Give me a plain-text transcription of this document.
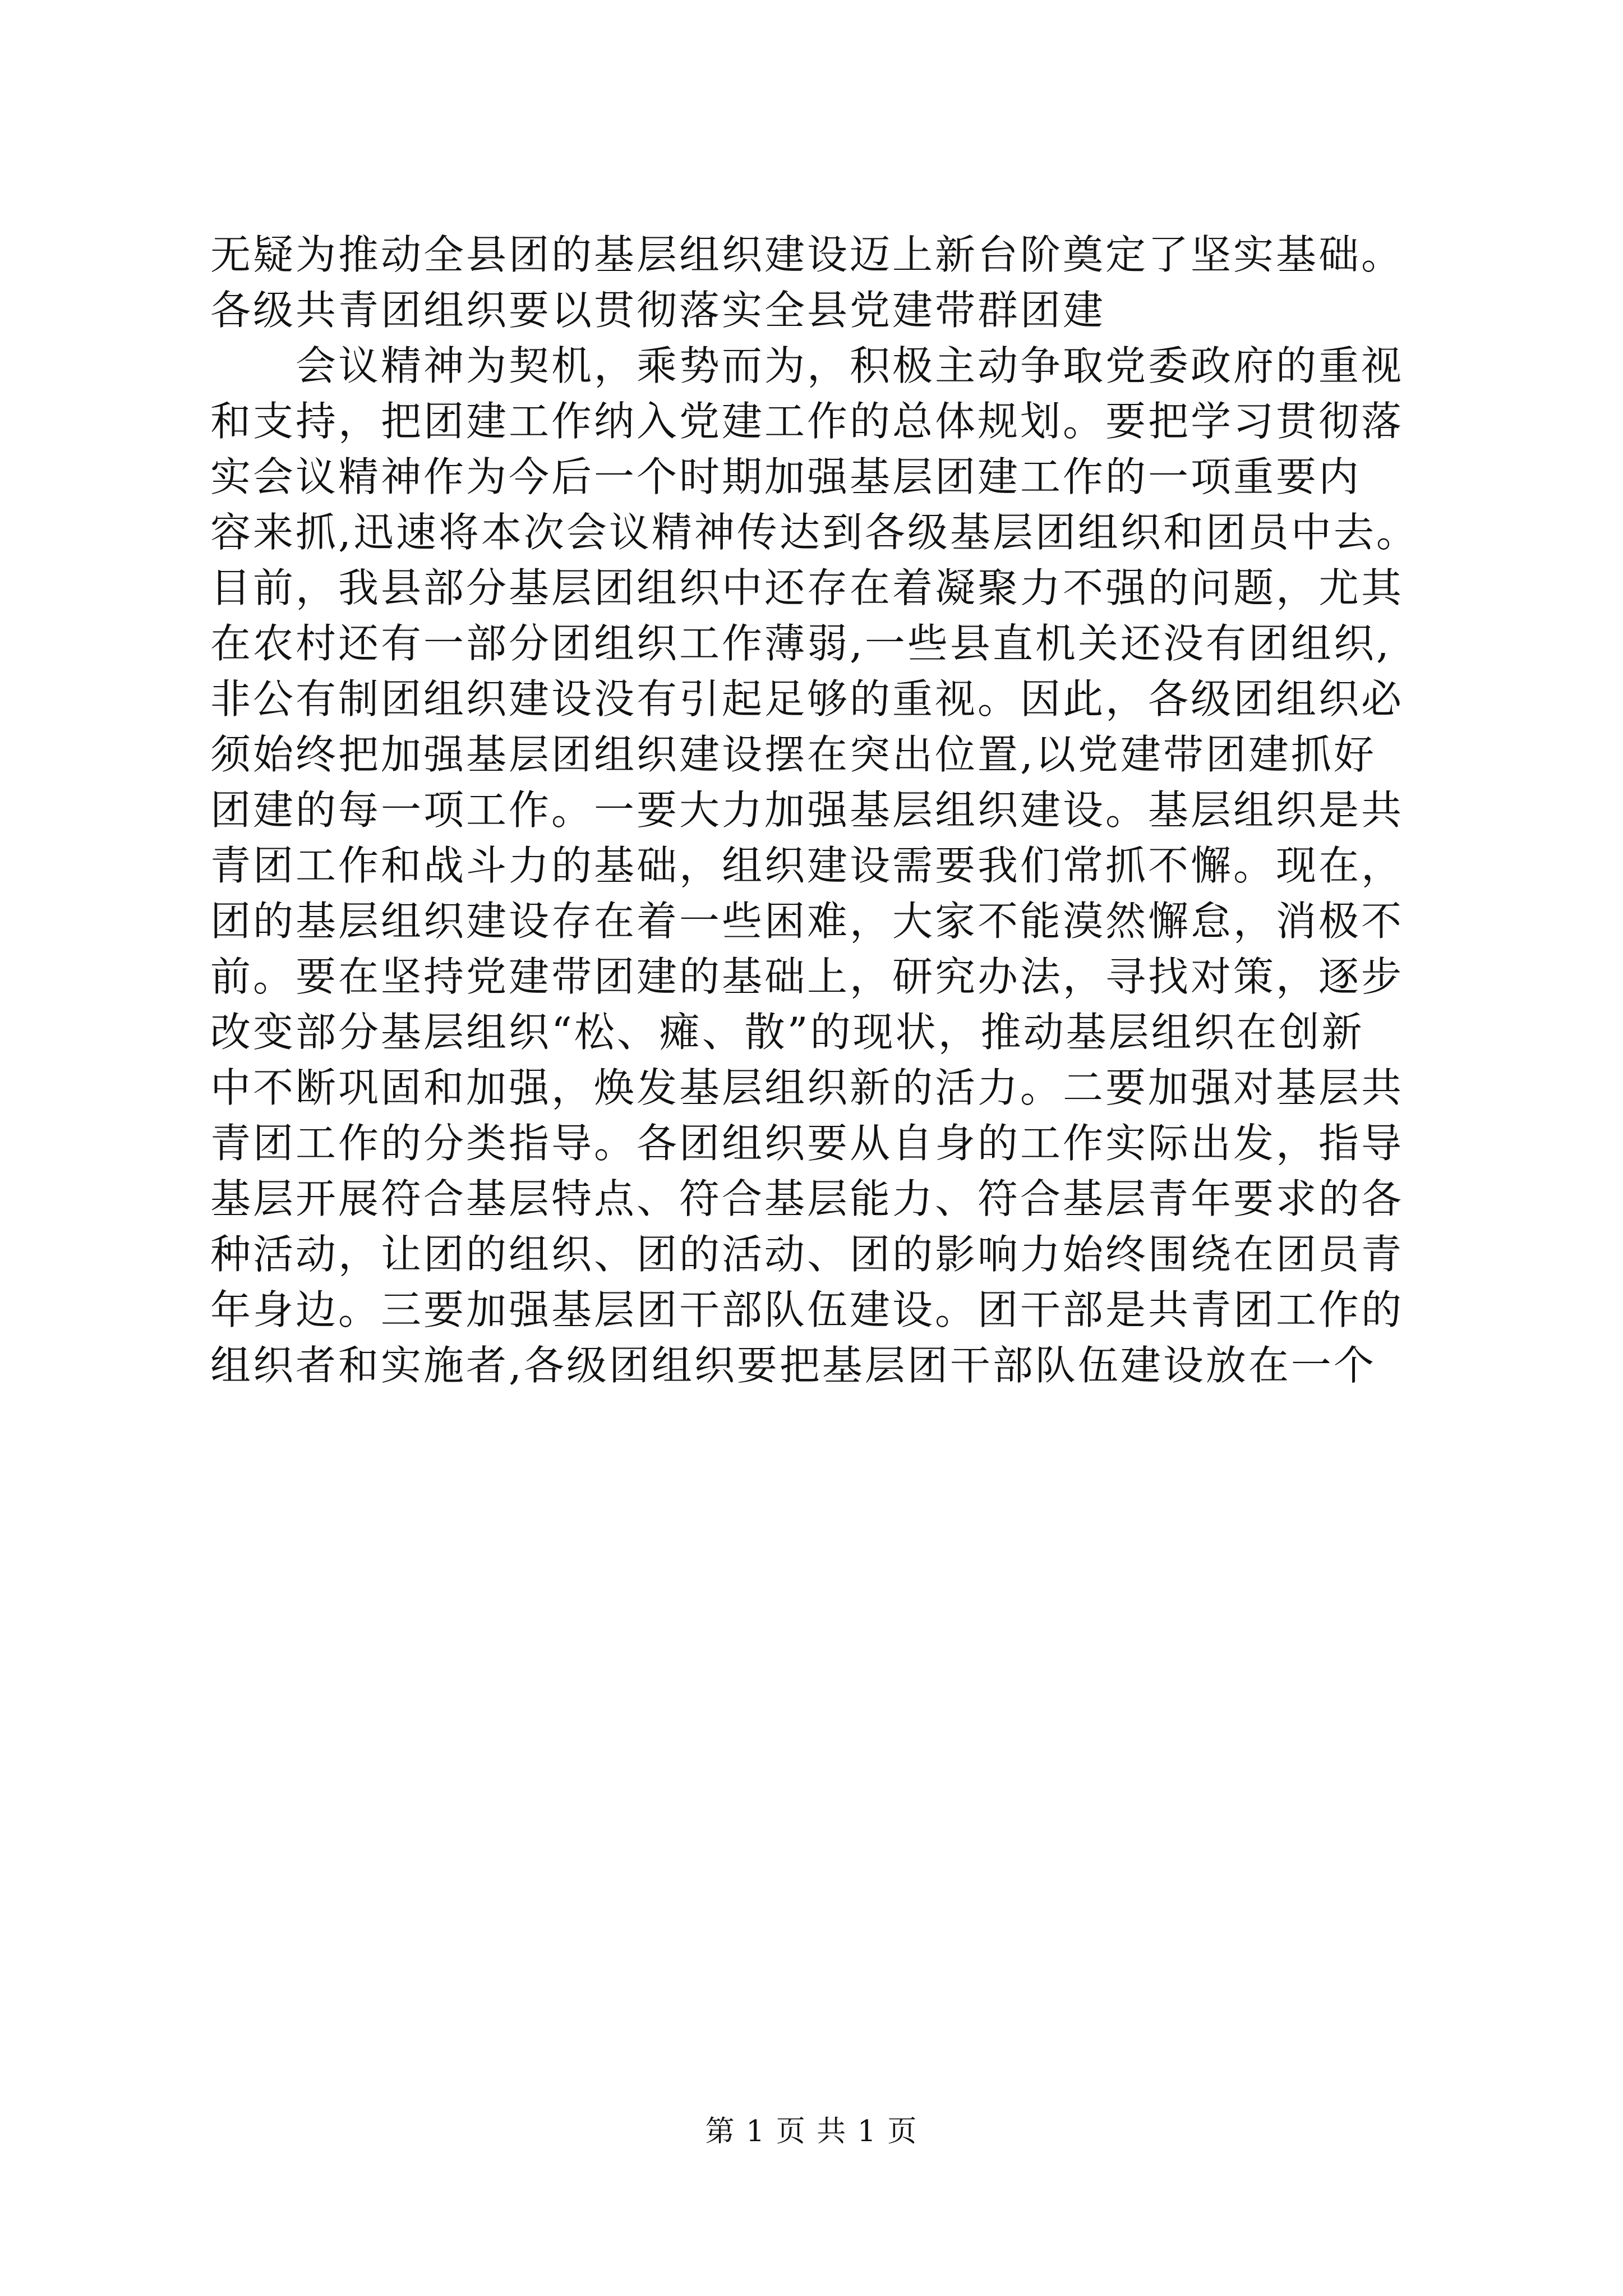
无疑为推动全县团的基层组织建设迈上新台阶奠定了坚实基础。
各级共青团组织要以贯彻落实全县党建带群团建
　　会议精神为契机，乘势而为，积极主动争取党委政府的重视
和支持，把团建工作纳入党建工作的总体规划。要把学习贯彻落
实会议精神作为今后一个时期加强基层团建工作的一项重要内
容来抓,迅速将本次会议精神传达到各级基层团组织和团员中去。
目前，我县部分基层团组织中还存在着凝聚力不强的问题，尤其
在农村还有一部分团组织工作薄弱,一些县直机关还没有团组织,
非公有制团组织建设没有引起足够的重视。因此，各级团组织必
须始终把加强基层团组织建设摆在突出位置,以党建带团建抓好
团建的每一项工作。一要大力加强基层组织建设。基层组织是共
青团工作和战斗力的基础，组织建设需要我们常抓不懈。现在，
团的基层组织建设存在着一些困难，大家不能漠然懈怠，消极不
前。要在坚持党建带团建的基础上，研究办法，寻找对策，逐步
改变部分基层组织“松、瘫、散”的现状，推动基层组织在创新
中不断巩固和加强，焕发基层组织新的活力。二要加强对基层共
青团工作的分类指导。各团组织要从自身的工作实际出发，指导
基层开展符合基层特点、符合基层能力、符合基层青年要求的各
种活动，让团的组织、团的活动、团的影响力始终围绕在团员青
年身边。三要加强基层团干部队伍建设。团干部是共青团工作的
组织者和实施者,各级团组织要把基层团干部队伍建设放在一个
第 1 页 共 1 页
